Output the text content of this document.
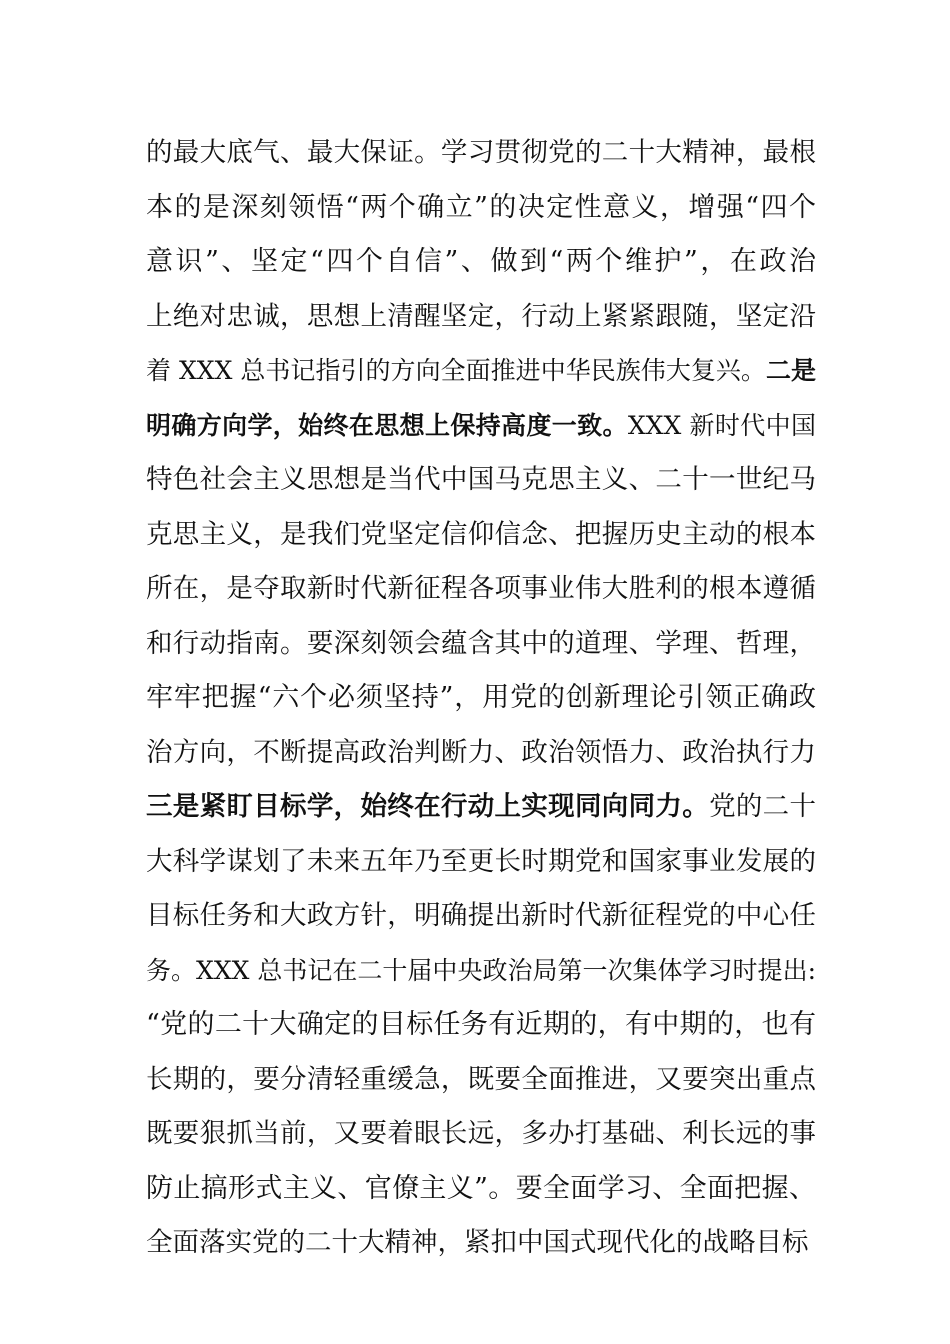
的最大底气、最大保证。学习贯彻党的二十大精神，最根
本的是深刻领悟“两个确立”的决定性意义，增强“四个
意识”、坚定“四个自信”、做到“两个维护”，在政治
上绝对忠诚，思想上清醒坚定，行动上紧紧跟随，坚定沿
着 XXX 总书记指引的方向全面推进中华民族伟大复兴。二是
明确方向学，始终在思想上保持高度一致。XXX 新时代中国
特色社会主义思想是当代中国马克思主义、二十一世纪马
克思主义，是我们党坚定信仰信念、把握历史主动的根本
所在，是夺取新时代新征程各项事业伟大胜利的根本遵循
和行动指南。要深刻领会蕴含其中的道理、学理、哲理，
牢牢把握“六个必须坚持”，用党的创新理论引领正确政
治方向，不断提高政治判断力、政治领悟力、政治执行力
三是紧盯目标学，始终在行动上实现同向同力。党的二十
大科学谋划了未来五年乃至更长时期党和国家事业发展的
目标任务和大政方针，明确提出新时代新征程党的中心任
务。XXX 总书记在二十届中央政治局第一次集体学习时提出:
“党的二十大确定的目标任务有近期的，有中期的，也有
长期的，要分清轻重缓急，既要全面推进，又要突出重点
既要狠抓当前，又要着眼长远，多办打基础、利长远的事
防止搞形式主义、官僚主义”。要全面学习、全面把握、
全面落实党的二十大精神，紧扣中国式现代化的战略目标
